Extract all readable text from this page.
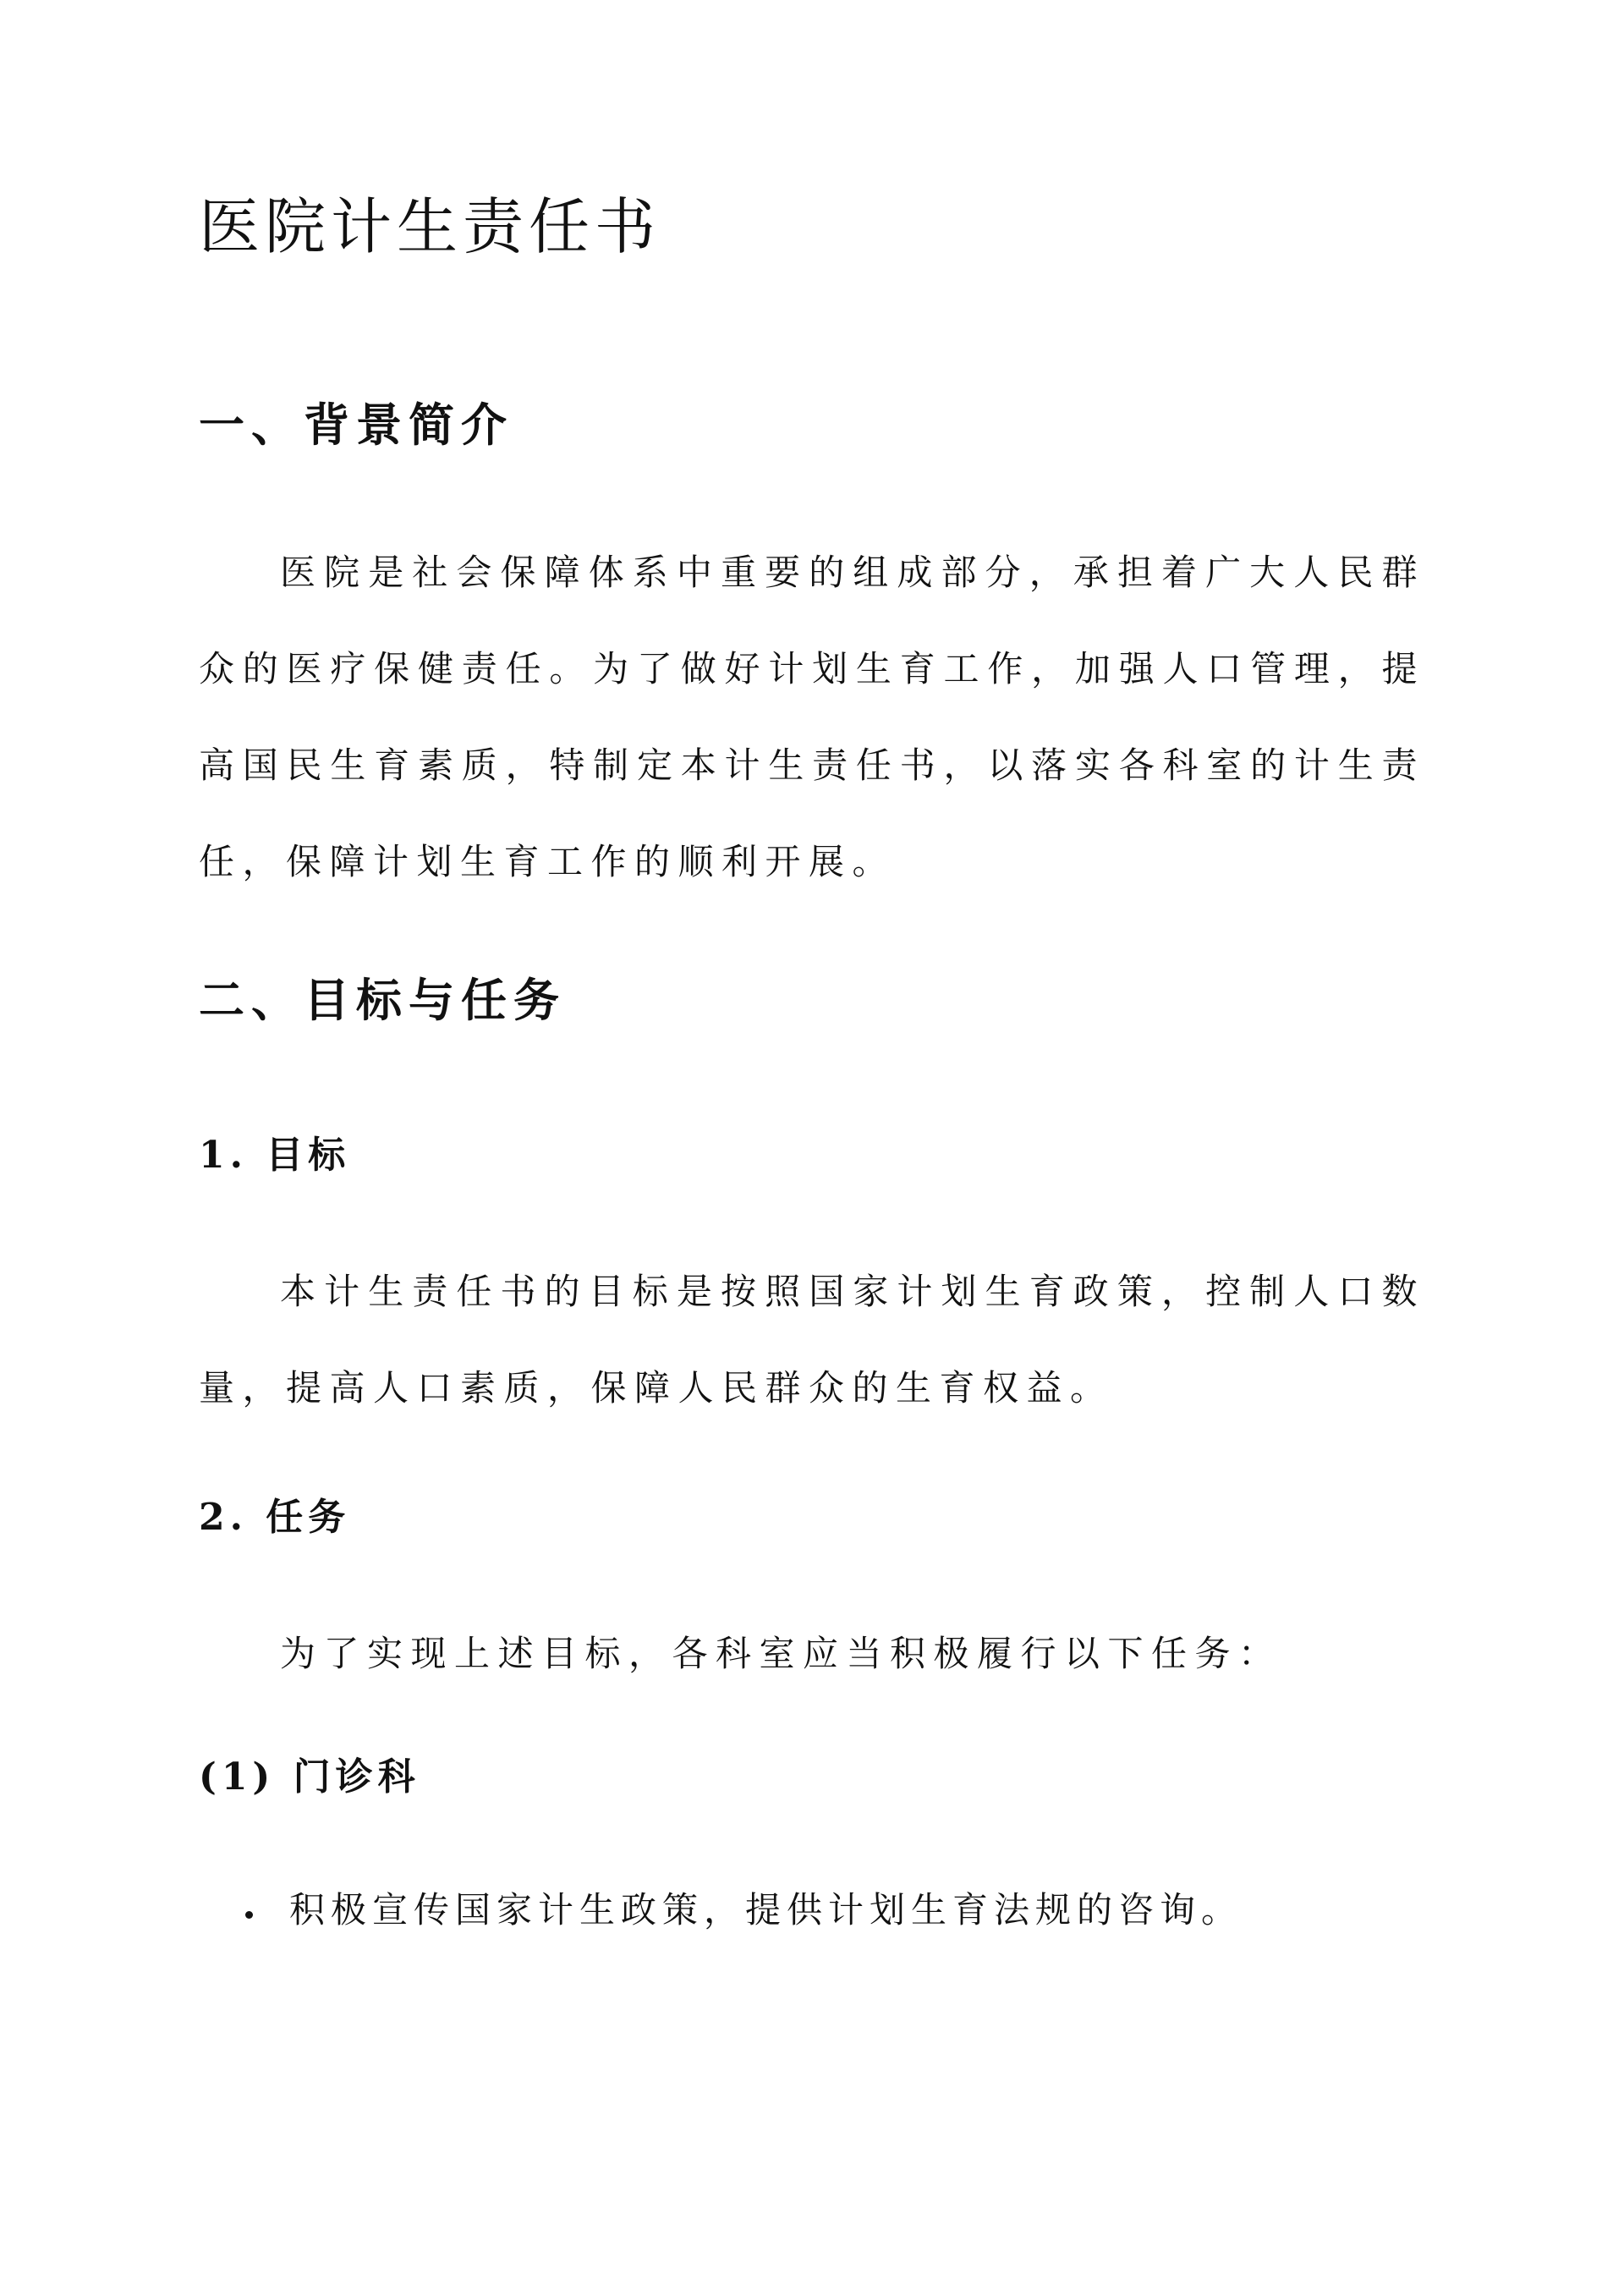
医院计生责任书
一、背景简介

医院是社会保障体系中重要的组成部分，承担着广大人民群众的医疗保健责任。为了做好计划生育工作，加强人口管理，提高国民生育素质，特制定本计生责任书，以落实各科室的计生责任，保障计划生育工作的顺利开展。

二、目标与任务
1. 目标

本计生责任书的目标是按照国家计划生育政策，控制人口数量，提高人口素质，保障人民群众的生育权益。

2. 任务

为了实现上述目标，各科室应当积极履行以下任务：

(1) 门诊科
积极宣传国家计生政策，提供计划生育法规的咨询。
